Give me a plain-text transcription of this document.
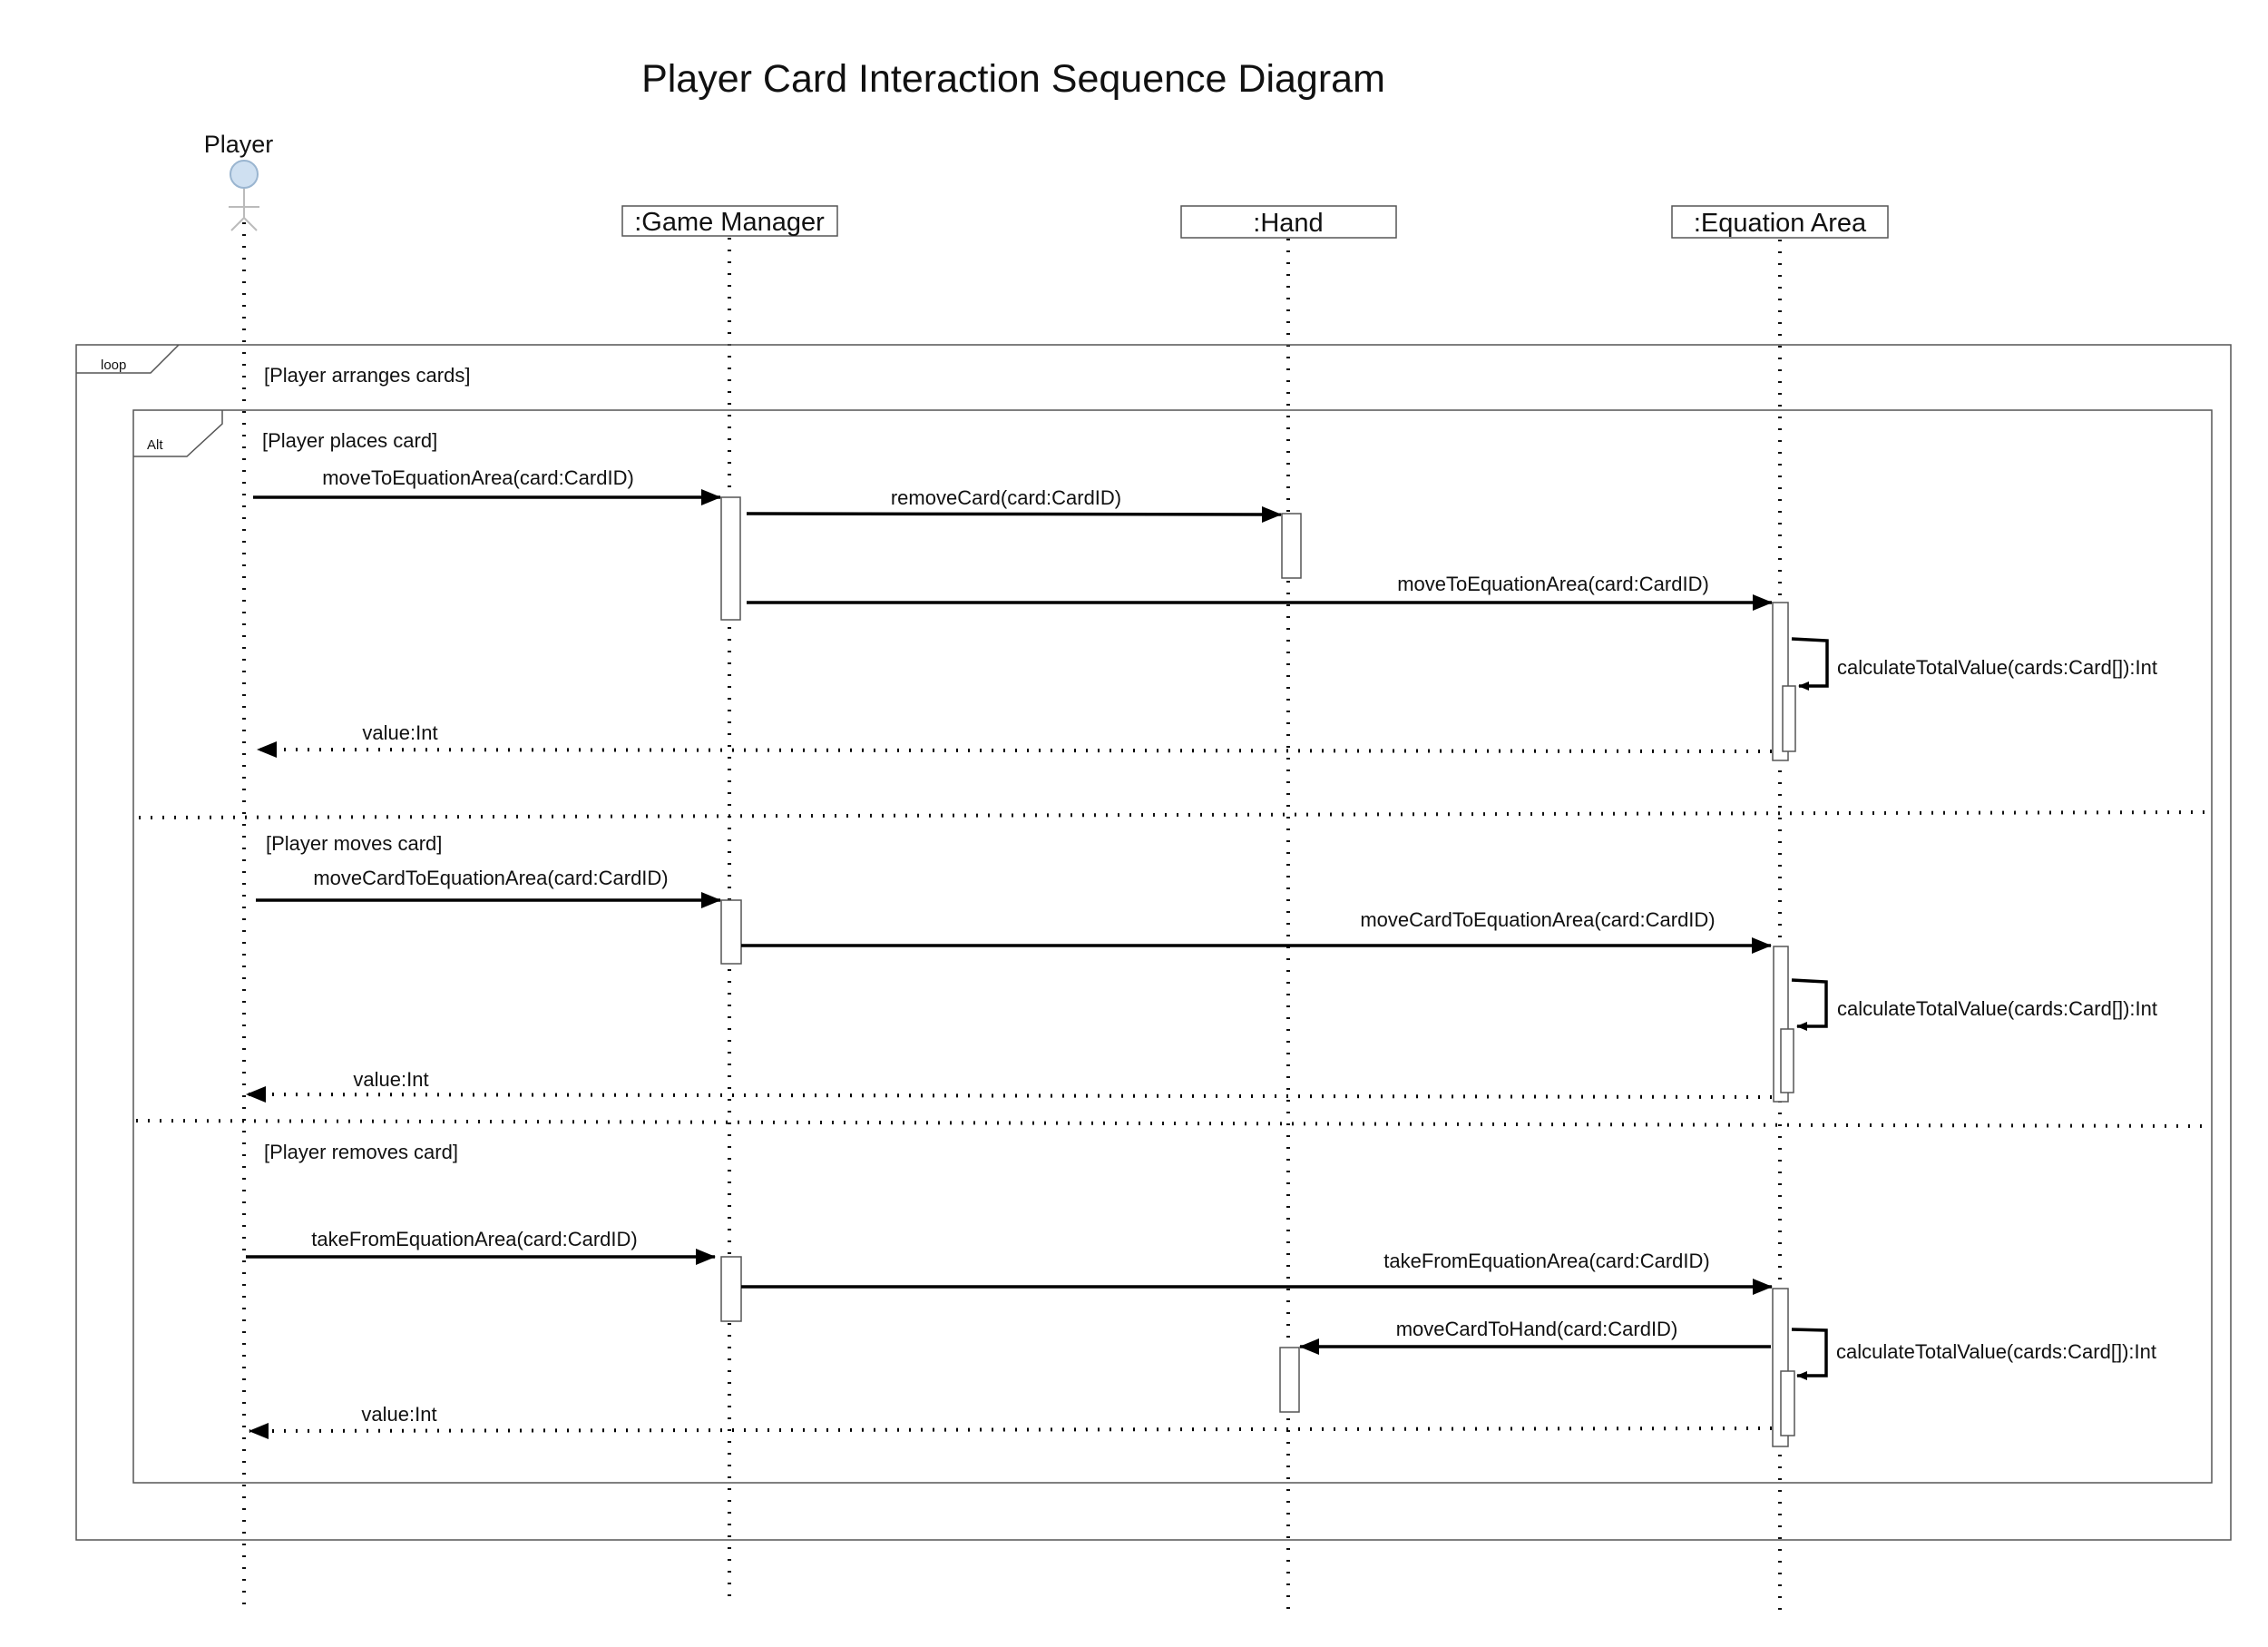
Player Card Interaction Sequence Diagram
Player
:Game Manager	:Hand	:Equation Area
loop	[Player arranges cards]
Alt	[Player places card]
moveToEquationArea(card:CardID)
removeCard(card:CardID)
moveToEquationArea(card:CardID)
calculateTotalValue(cards:Card[]):Int
value:Int
[Player moves card]
moveCardToEquationArea(card:CardID)
moveCardToEquationArea(card:CardID)
calculateTotalValue(cards:Card[]):Int
value:Int
[Player removes card]
takeFromEquationArea(card:CardID)
takeFromEquationArea(card:CardID)
moveCardToHand(card:CardID)
calculateTotalValue(cards:Card[]):Int
value:Int
